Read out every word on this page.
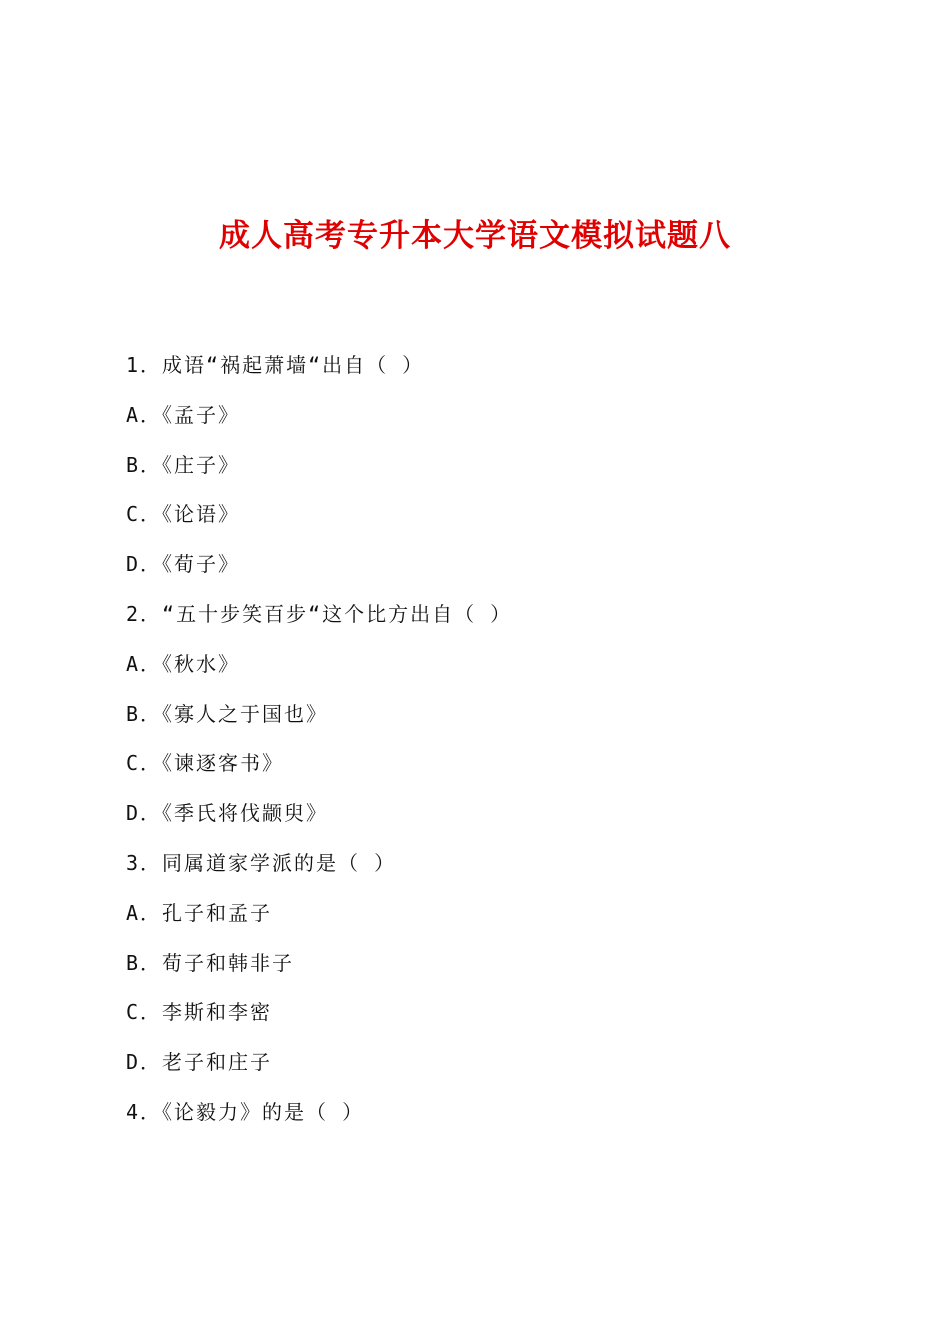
成人高考专升本大学语文模拟试题八
1．成语“祸起萧墙“出自（ ）
A．《孟子》
B．《庄子》
C．《论语》
D．《荀子》
2．“五十步笑百步“这个比方出自（ ）
A．《秋水》
B．《寡人之于国也》
C．《谏逐客书》
D．《季氏将伐颛臾》
3．同属道家学派的是（ ）
A．孔子和孟子
B．荀子和韩非子
C．李斯和李密
D．老子和庄子
4．《论毅力》的是（ ）
